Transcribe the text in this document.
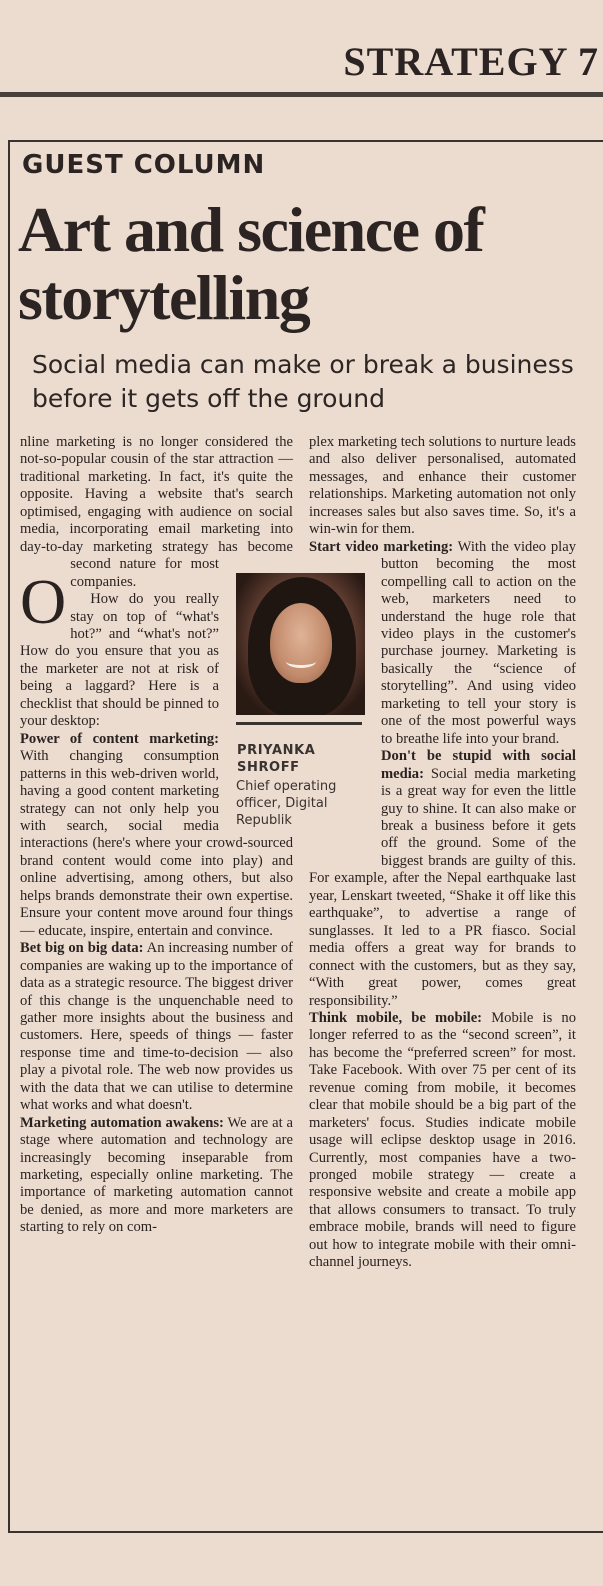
STRATEGY 7
GUEST COLUMN
Art and science of storytelling
Social media can make or break a business before it gets off the ground

O
nline marketing is no longer considered the not-so-popular cousin of the star attraction — traditional marketing. In fact, it's quite the opposite. Having a website that's search optimised, engaging with audience on social media, incorporating email marketing into day-to-day marketing strategy has become second nature for most companies.

How do you really stay on top of “what's hot?” and “what's not?” How do you ensure that you as the marketer are not at risk of being a laggard? Here is a checklist that should be pinned to your desktop:

Power of content marketing: With changing consumption patterns in this web-driven world, having a good content marketing strategy can not only help you with search, social media interactions (here's where your crowd-sourced brand content would come into play) and online advertising, among others, but also helps brands demonstrate their own expertise. Ensure your content move around four things — educate, inspire, entertain and convince.

Bet big on big data: An increasing number of companies are waking up to the importance of data as a strategic resource. The biggest driver of this change is the unquenchable need to gather more insights about the business and customers. Here, speeds of things — faster response time and time-to-decision — also play a pivotal role. The web now provides us with the data that we can utilise to determine what works and what doesn't.

Marketing automation awakens: We are at a stage where automation and technology are increasingly becoming inseparable from marketing, especially online marketing. The importance of marketing automation cannot be denied, as more and more marketers are starting to rely on com-

plex marketing tech solutions to nurture leads and also deliver personalised, automated messages, and enhance their customer relationships. Marketing automation not only increases sales but also saves time. So, it's a win-win for them.

Start video marketing: With the video play button becoming the most compelling call to action on the web, marketers need to understand the huge role that video plays in the customer's purchase journey. Marketing is basically the “science of storytelling”. And using video marketing to tell your story is one of the most powerful ways to breathe life into your brand.

Don't be stupid with social media: Social media marketing is a great way for even the little guy to shine. It can also make or break a business before it gets off the ground. Some of the biggest brands are guilty of this. For example, after the Nepal earthquake last year, Lenskart tweeted, “Shake it off like this earthquake”, to advertise a range of sunglasses. It led to a PR fiasco. Social media offers a great way for brands to connect with the customers, but as they say, “With great power, comes great responsibility.”

Think mobile, be mobile: Mobile is no longer referred to as the “second screen”, it has become the “preferred screen” for most. Take Facebook. With over 75 per cent of its revenue coming from mobile, it becomes clear that mobile should be a big part of the marketers' focus. Studies indicate mobile usage will eclipse desktop usage in 2016. Currently, most companies have a two-pronged mobile strategy — create a responsive website and create a mobile app that allows consumers to transact. To truly embrace mobile, brands will need to figure out how to integrate mobile with their omni-channel journeys.

PRIYANKA SHROFF
Chief operating officer, Digital Republik
